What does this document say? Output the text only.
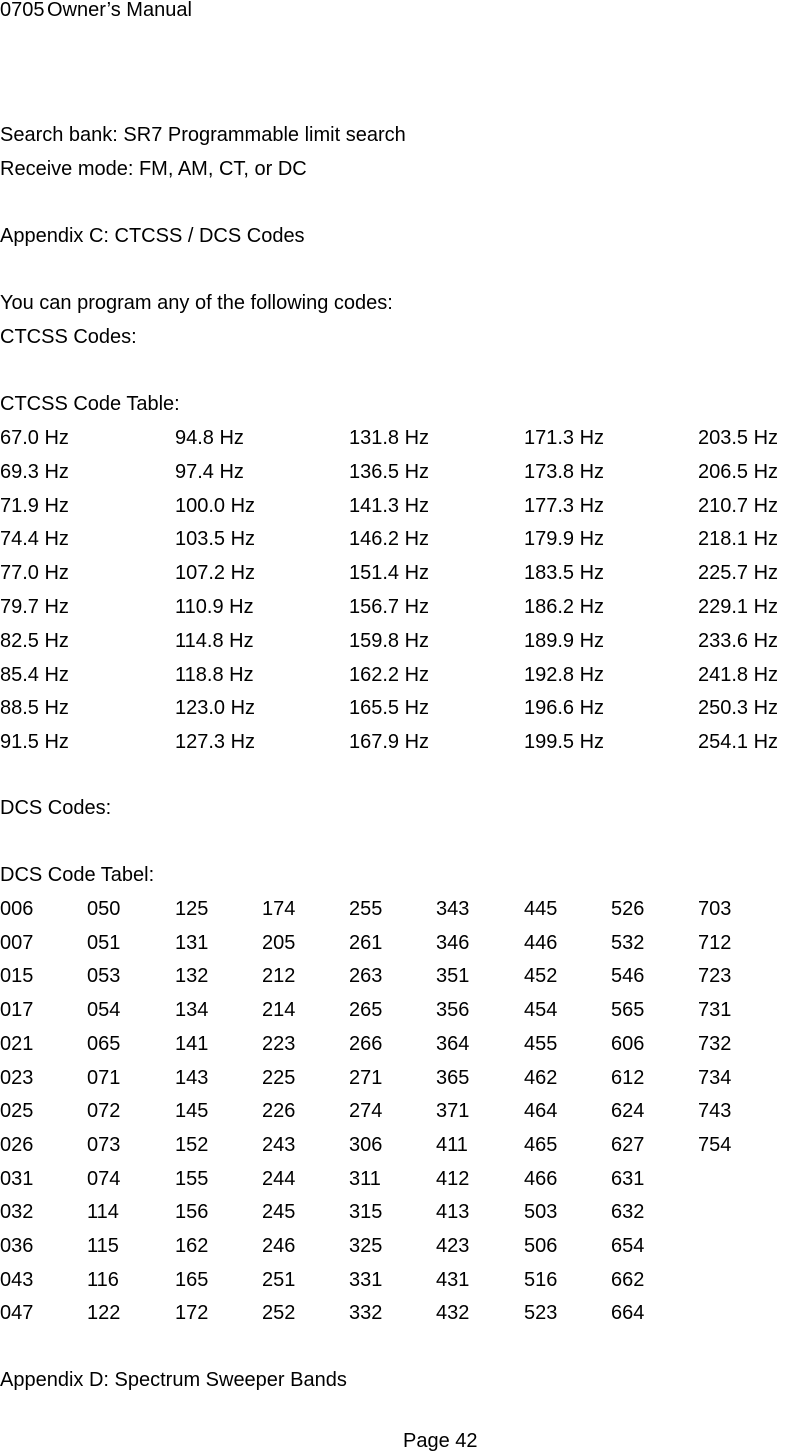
0705 Owner’s Manual
Search bank: SR7 Programmable limit search
Receive mode: FM, AM, CT, or DC
Appendix C: CTCSS / DCS Codes
You can program any of the following codes:
CTCSS Codes:
CTCSS Code Table:
67.0 Hz	94.8 Hz	131.8 Hz	171.3 Hz	203.5 Hz
69.3 Hz	97.4 Hz	136.5 Hz	173.8 Hz	206.5 Hz
71.9 Hz	100.0 Hz	141.3 Hz	177.3 Hz	210.7 Hz
74.4 Hz	103.5 Hz	146.2 Hz	179.9 Hz	218.1 Hz
77.0 Hz	107.2 Hz	151.4 Hz	183.5 Hz	225.7 Hz
79.7 Hz	110.9 Hz	156.7 Hz	186.2 Hz	229.1 Hz
82.5 Hz	114.8 Hz	159.8 Hz	189.9 Hz	233.6 Hz
85.4 Hz	118.8 Hz	162.2 Hz	192.8 Hz	241.8 Hz
88.5 Hz	123.0 Hz	165.5 Hz	196.6 Hz	250.3 Hz
91.5 Hz	127.3 Hz	167.9 Hz	199.5 Hz	254.1 Hz
DCS Codes:
DCS Code Tabel:
006	050	125	174	255	343	445	526	703
007	051	131	205	261	346	446	532	712
015	053	132	212	263	351	452	546	723
017	054	134	214	265	356	454	565	731
021	065	141	223	266	364	455	606	732
023	071	143	225	271	365	462	612	734
025	072	145	226	274	371	464	624	743
026	073	152	243	306	411	465	627	754
031	074	155	244	311	412	466	631
032	114	156	245	315	413	503	632
036	115	162	246	325	423	506	654
043	116	165	251	331	431	516	662
047	122	172	252	332	432	523	664
Appendix D: Spectrum Sweeper Bands
Page 42
